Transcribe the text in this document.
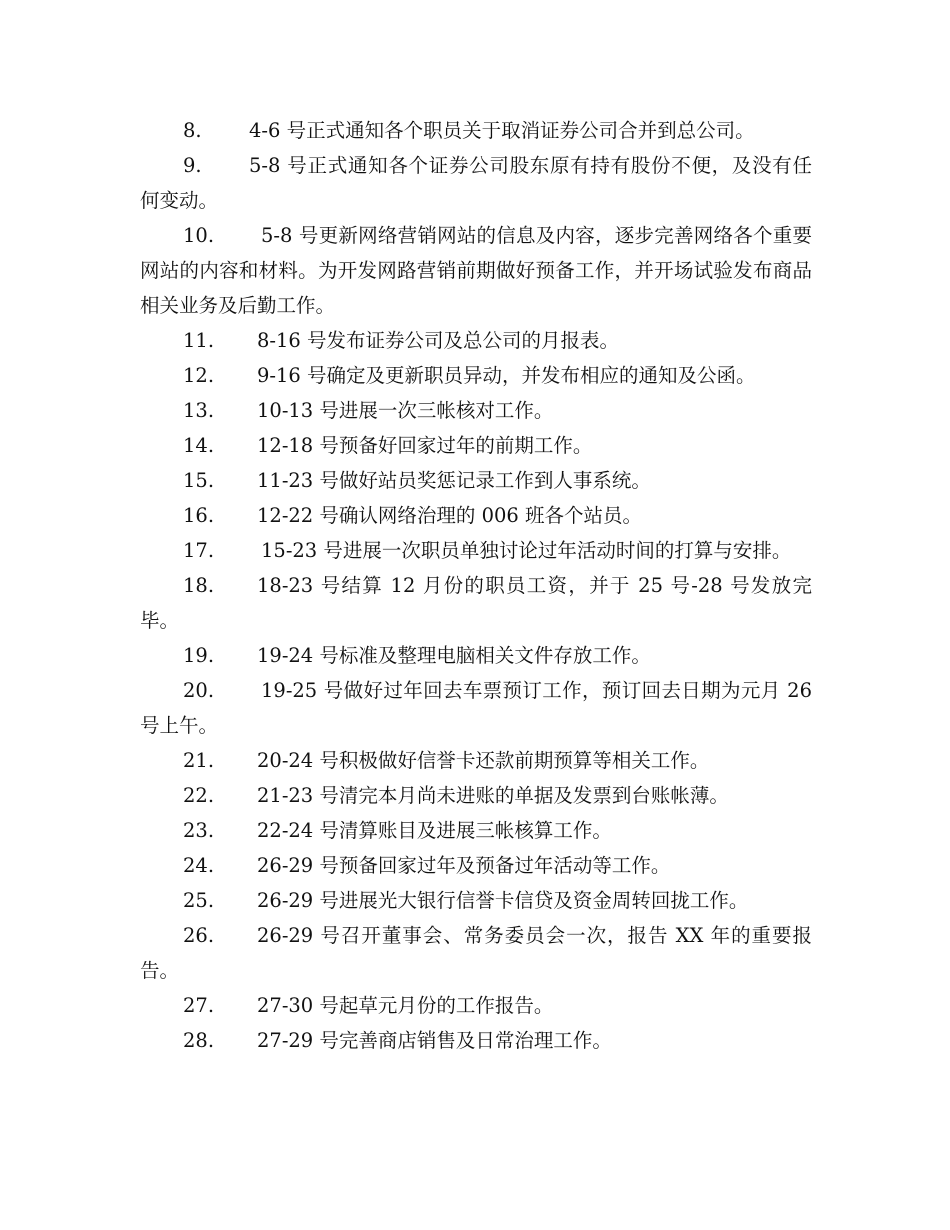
8. 4-6 号正式通知各个职员关于取消证券公司合并到总公司。

9. 5-8 号正式通知各个证券公司股东原有持有股份不便，及没有任何变动。

10. 5-8 号更新网络营销网站的信息及内容，逐步完善网络各个重要网站的内容和材料。为开发网路营销前期做好预备工作，并开场试验发布商品相关业务及后勤工作。

11. 8-16 号发布证券公司及总公司的月报表。

12. 9-16 号确定及更新职员异动，并发布相应的通知及公函。

13. 10-13 号进展一次三帐核对工作。

14. 12-18 号预备好回家过年的前期工作。

15. 11-23 号做好站员奖惩记录工作到人事系统。

16. 12-22 号确认网络治理的 006 班各个站员。

17. 15-23 号进展一次职员单独讨论过年活动时间的打算与安排。

18. 18-23 号结算 12 月份的职员工资，并于 25 号-28 号发放完毕。

19. 19-24 号标准及整理电脑相关文件存放工作。

20. 19-25 号做好过年回去车票预订工作，预订回去日期为元月 26 号上午。

21. 20-24 号积极做好信誉卡还款前期预算等相关工作。

22. 21-23 号清完本月尚未进账的单据及发票到台账帐薄。

23. 22-24 号清算账目及进展三帐核算工作。

24. 26-29 号预备回家过年及预备过年活动等工作。

25. 26-29 号进展光大银行信誉卡信贷及资金周转回拢工作。

26. 26-29 号召开董事会、常务委员会一次，报告 XX 年的重要报告。

27. 27-30 号起草元月份的工作报告。

28. 27-29 号完善商店销售及日常治理工作。
